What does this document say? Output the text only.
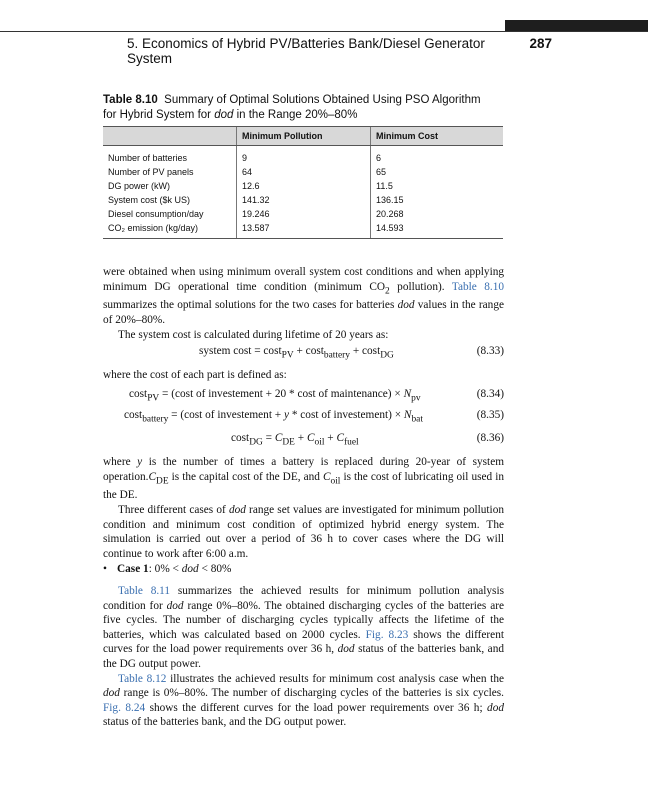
5. Economics of Hybrid PV/Batteries Bank/Diesel Generator System
287
Table 8.10 Summary of Optimal Solutions Obtained Using PSO Algorithm
for Hybrid System for dod in the Range 20%–80%
	Minimum Pollution	Minimum Cost
Number of batteries	9	6
Number of PV panels	64	65
DG power (kW)	12.6	11.5
System cost ($k US)	141.32	136.15
Diesel consumption/day	19.246	20.268
CO₂ emission (kg/day)	13.587	14.593

were obtained when using minimum overall system cost conditions and when applying minimum DG operational time condition (minimum $CO_2$ pollution). Table 8.10 summarizes the optimal solutions for the two cases for batteries dod values in the range of 20%–80%.

The system cost is calculated during lifetime of 20 years as:

system cost = cost$_{PV}$ + cost$_{battery}$ + cost$_{DG}$	(8.33)

where the cost of each part is defined as:

cost$_{PV}$ = (cost of investement + 20 * cost of maintenance) × $N_{pv}$	(8.34)
cost$_{battery}$ = (cost of investement + y * cost of investement) × $N_{bat}$	(8.35)
$\cos t_{DG} = C_{DE} + C_{oil} + C_{fuel}$	(8.36)

where y is the number of times a battery is replaced during 20-year of system $operation.C_{DE}$ is the capital cost of the DE, and $C_{oil}$ is the cost of lubricating oil used in the DE.

Three different cases of dod range set values are investigated for minimum pollution condition and minimum cost condition of optimized hybrid energy system. The simulation is carried out over a period of 36 h to cover cases where the DG will continue to work after 6:00 a.m.

• Case 1: 0% < dod < 80%

Table 8.11 summarizes the achieved results for minimum pollution analysis condition for dod range 0%–80%. The obtained discharging cycles of the batteries are five cycles. The number of discharging cycles typically affects the lifetime of the batteries, which was calculated based on 2000 cycles. Fig. 8.23 shows the different curves for the load power requirements over 36 h, dod status of the batteries bank, and the DG output power.

Table 8.12 illustrates the achieved results for minimum cost analysis case when the dod range is 0%–80%. The number of discharging cycles of the batteries is six cycles. Fig. 8.24 shows the different curves for the load power requirements over 36 h; dod status of the batteries bank, and the DG output power.
